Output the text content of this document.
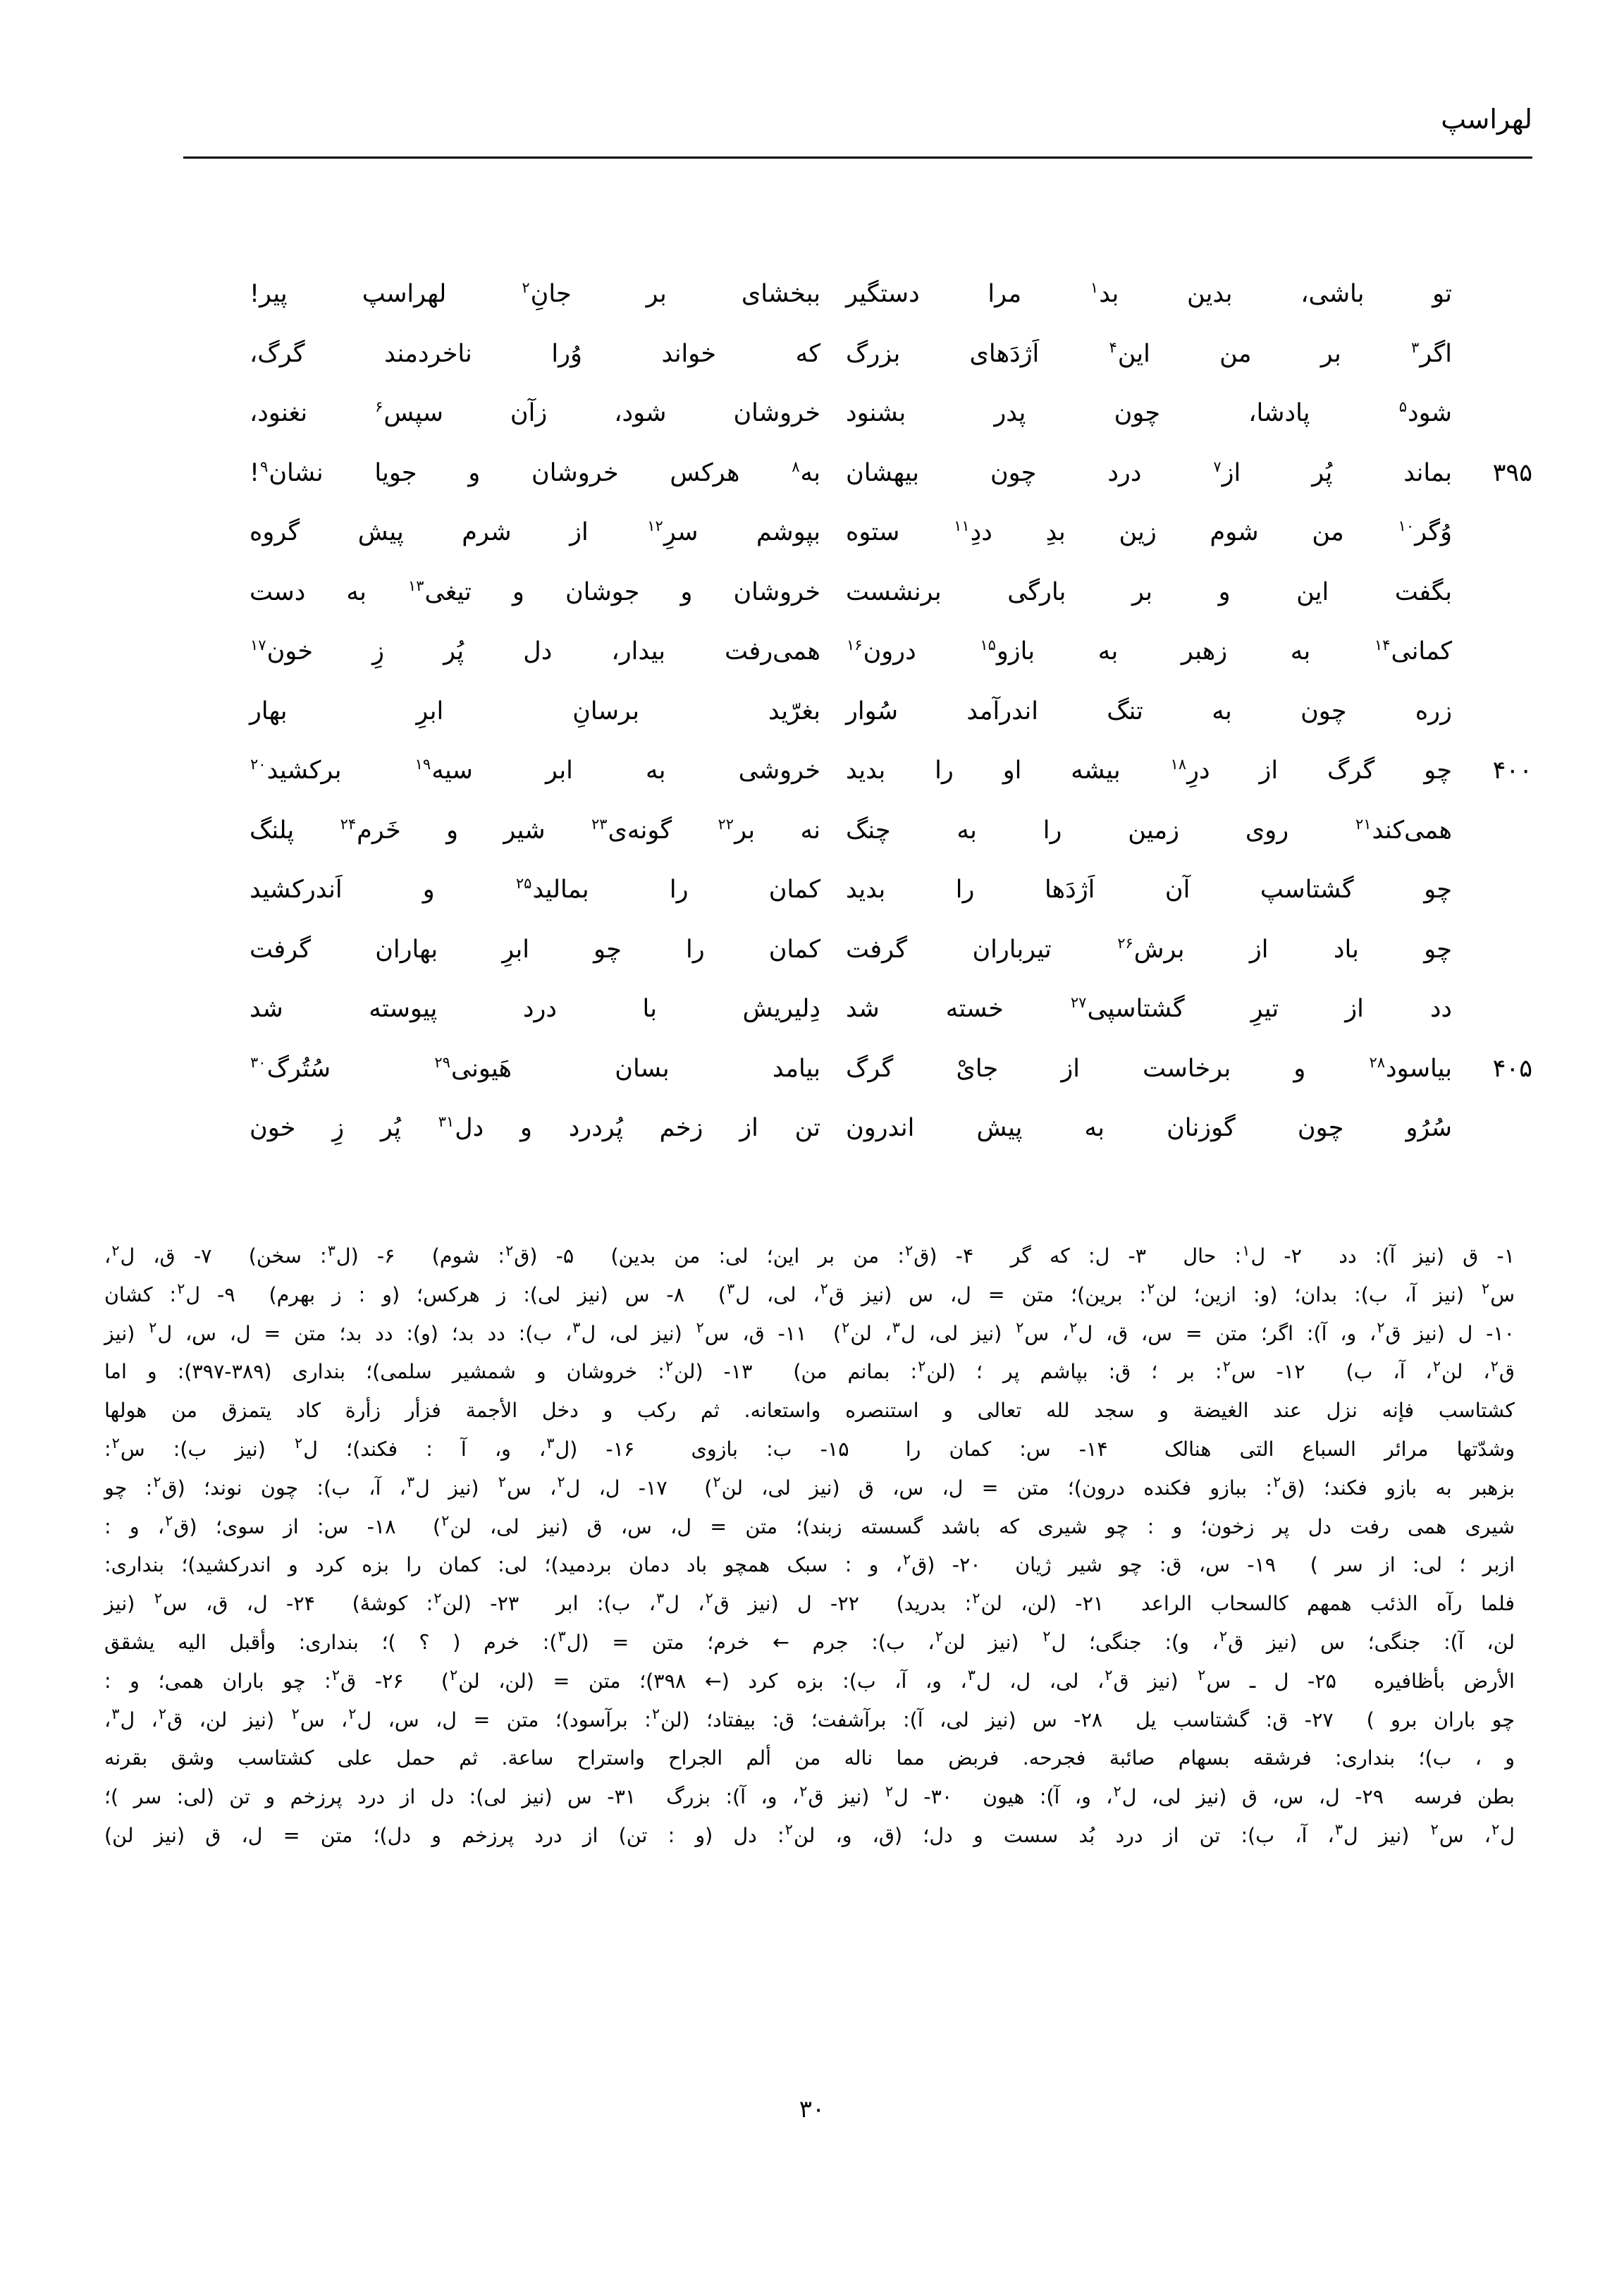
لهراسپ
تو باشی، بدین بد$^۱$ مرا دستگیر
ببخشای بر جانِ$^۲$ لهراسپ پیر!
اگر$^۳$ بر من این$^۴$ اَژدَهای بزرگ
که خواند وُرا ناخردمند گرگ،
شود$^۵$ پادشا، چون پدر بشنود
خروشان شود، زآن سپس$^۶$ نغنود،
۳۹۵
بماند پُر از$^۷$ درد چون بیهشان
به$^۸$ هرکس خروشان و جویا نشان$^۹$!
وُگر$^{۱۰}$ من شوم زین بدِ ددِ$^{۱۱}$ ستوه
بپوشم سرِ$^{۱۲}$ از شرم پیش گروه
بگفت این و بر بارگی برنشست
خروشان و جوشان و تیغی$^{۱۳}$ به دست
کمانی$^{۱۴}$ به زهبر به بازو$^{۱۵}$ درون$^{۱۶}$
همی‌رفت بیدار، دل پُر زِ خون$^{۱۷}$
زره چون به تنگ اندرآمد سُوار
بغرّید برسانِ ابرِ بهار
۴۰۰
چو گرگ از درِ$^{۱۸}$ بیشه او را بدید
خروشی به ابر سیه$^{۱۹}$ برکشید$^{۲۰}$
همی‌کند$^{۲۱}$ روی زمین را به چنگ
نه بر$^{۲۲}$ گونه‌ی$^{۲۳}$ شیر و خَرم$^{۲۴}$ پلنگ
چو گشتاسپ آن اَژدَها را بدید
کمان را بمالید$^{۲۵}$ و اَندرکشید
چو باد از برش$^{۲۶}$ تیرباران گرفت
کمان را چو ابرِ بهاران گرفت
دد از تیرِ گشتاسپی$^{۲۷}$ خسته شد
دِلیریش با درد پیوسته شد
۴۰۵
بیاسود$^{۲۸}$ و برخاست از جایْ گرگ
بیامد بسان هَیونی$^{۲۹}$ سُتُرگ$^{۳۰}$
سُرُو چون گوزنان به پیش اندرون
تن از زخم پُردرد و دل$^{۳۱}$ پُر زِ خون

۱- ق (نیز آ): دد  ۲- ل$^۱$: حال  ۳- ل: که گر  ۴- (ق$^۲$: من بر این؛ لی: من بدین)  ۵- (ق$^۲$: شوم)  ۶- (ل$^۳$: سخن)  ۷- ق، ل$^۲$،

س$^۲$ (نیز آ، ب): بدان؛ (و: ازین؛ لن$^۲$: برین)؛ متن = ل، س (نیز ق$^۲$، لی، ل$^۳$)  ۸- س (نیز لی): ز هرکس؛ (و : ز بهرم)  ۹- ل$^۲$: کشان

۱۰- ل (نیز ق$^۲$، و، آ): اگر؛ متن = س، ق، ل$^۲$، س$^۲$ (نیز لی، ل$^۳$، لن$^۲$)  ۱۱- ق، س$^۲$ (نیز لی، ل$^۳$، ب): دد بد؛ (و): دد بد؛ متن = ل، س، ل$^۲$ (نیز

ق$^۲$، لن$^۲$، آ، ب)  ۱۲- س$^۲$: بر ؛ ق: بپاشم پر ؛ (لن$^۲$: بمانم من)  ۱۳- (لن$^۲$: خروشان و شمشیر سلمی)؛ بنداری (۳۸۹-۳۹۷): و اما

کشتاسب فإنه نزل عند الغیضة و سجد لله تعالی و استنصره واستعانه. ثم رکب و دخل الأجمة فزأر زأرة کاد یتمزق من هولها

وشدّتها مرائر السباع التی هنالک  ۱۴- س: کمان را  ۱۵- ب: بازوی  ۱۶- (ل$^۳$، و، آ : فکند)؛ ل$^۲$ (نیز ب): س$^۲$:

بزهبر به بازو فکند؛ (ق$^۲$: ببازو فکنده درون)؛ متن = ل، س، ق (نیز لی، لن$^۲$)  ۱۷- ل، ل$^۲$، س$^۲$ (نیز ل$^۳$، آ، ب): چون نوند؛ (ق$^۲$: چو

شیری همی رفت دل پر زخون؛ و : چو شیری که باشد گسسته زبند)؛ متن = ل، س، ق (نیز لی، لن$^۲$)  ۱۸- س: از سوی؛ (ق$^۲$، و :

ازبر ؛ لی: از سر )  ۱۹- س، ق: چو شیر ژیان  ۲۰- (ق$^۲$، و : سبک همچو باد دمان بردمید)؛ لی: کمان را بزه کرد و اندرکشید)؛ بنداری:

فلما رآه الذئب همهم کالسحاب الراعد  ۲۱- (لن، لن$^۲$: بدرید)  ۲۲- ل (نیز ق$^۲$، ل$^۳$، ب): ابر  ۲۳- (لن$^۲$: کوشهٔ)  ۲۴- ل، ق، س$^۲$ (نیز

لن، آ): جنگی؛ س (نیز ق$^۲$، و): جنگی؛ ل$^۲$ (نیز لن$^۲$، ب): جرم ← خرم؛ متن = (ل$^۳$): خرم ( ؟ )؛ بنداری: وأقبل الیه یشقق

الأرض بأظافیره  ۲۵- ل ـ س$^۲$ (نیز ق$^۲$، لی، ل، ل$^۳$، و، آ، ب): بزه کرد (← ۳۹۸)؛ متن = (لن، لن$^۲$)  ۲۶- ق$^۲$: چو باران همی؛ و :

چو باران برو )  ۲۷- ق: گشتاسب یل  ۲۸- س (نیز لی، آ): برآشفت؛ ق: بیفتاد؛ (لن$^۲$: برآسود)؛ متن = ل، س، ل$^۲$، س$^۲$ (نیز لن، ق$^۲$، ل$^۳$،

و ، ب)؛ بنداری: فرشقه بسهام صائبة فجرحه. فربض مما ناله من ألم الجراح واستراح ساعة. ثم حمل علی کشتاسب وشق بقرنه

بطن فرسه  ۲۹- ل، س، ق (نیز لی، ل$^۲$، و، آ): هیون  ۳۰- ل$^۲$ (نیز ق$^۲$، و، آ): بزرگ  ۳۱- س (نیز لی): دل از درد پرزخم و تن (لی: سر )؛

ل$^۲$، س$^۲$ (نیز ل$^۳$، آ، ب): تن از درد بُد سست و دل؛ (ق، و، لن$^۲$: دل (و : تن) از درد پرزخم و دل)؛ متن = ل، ق (نیز لن)

۳۰
